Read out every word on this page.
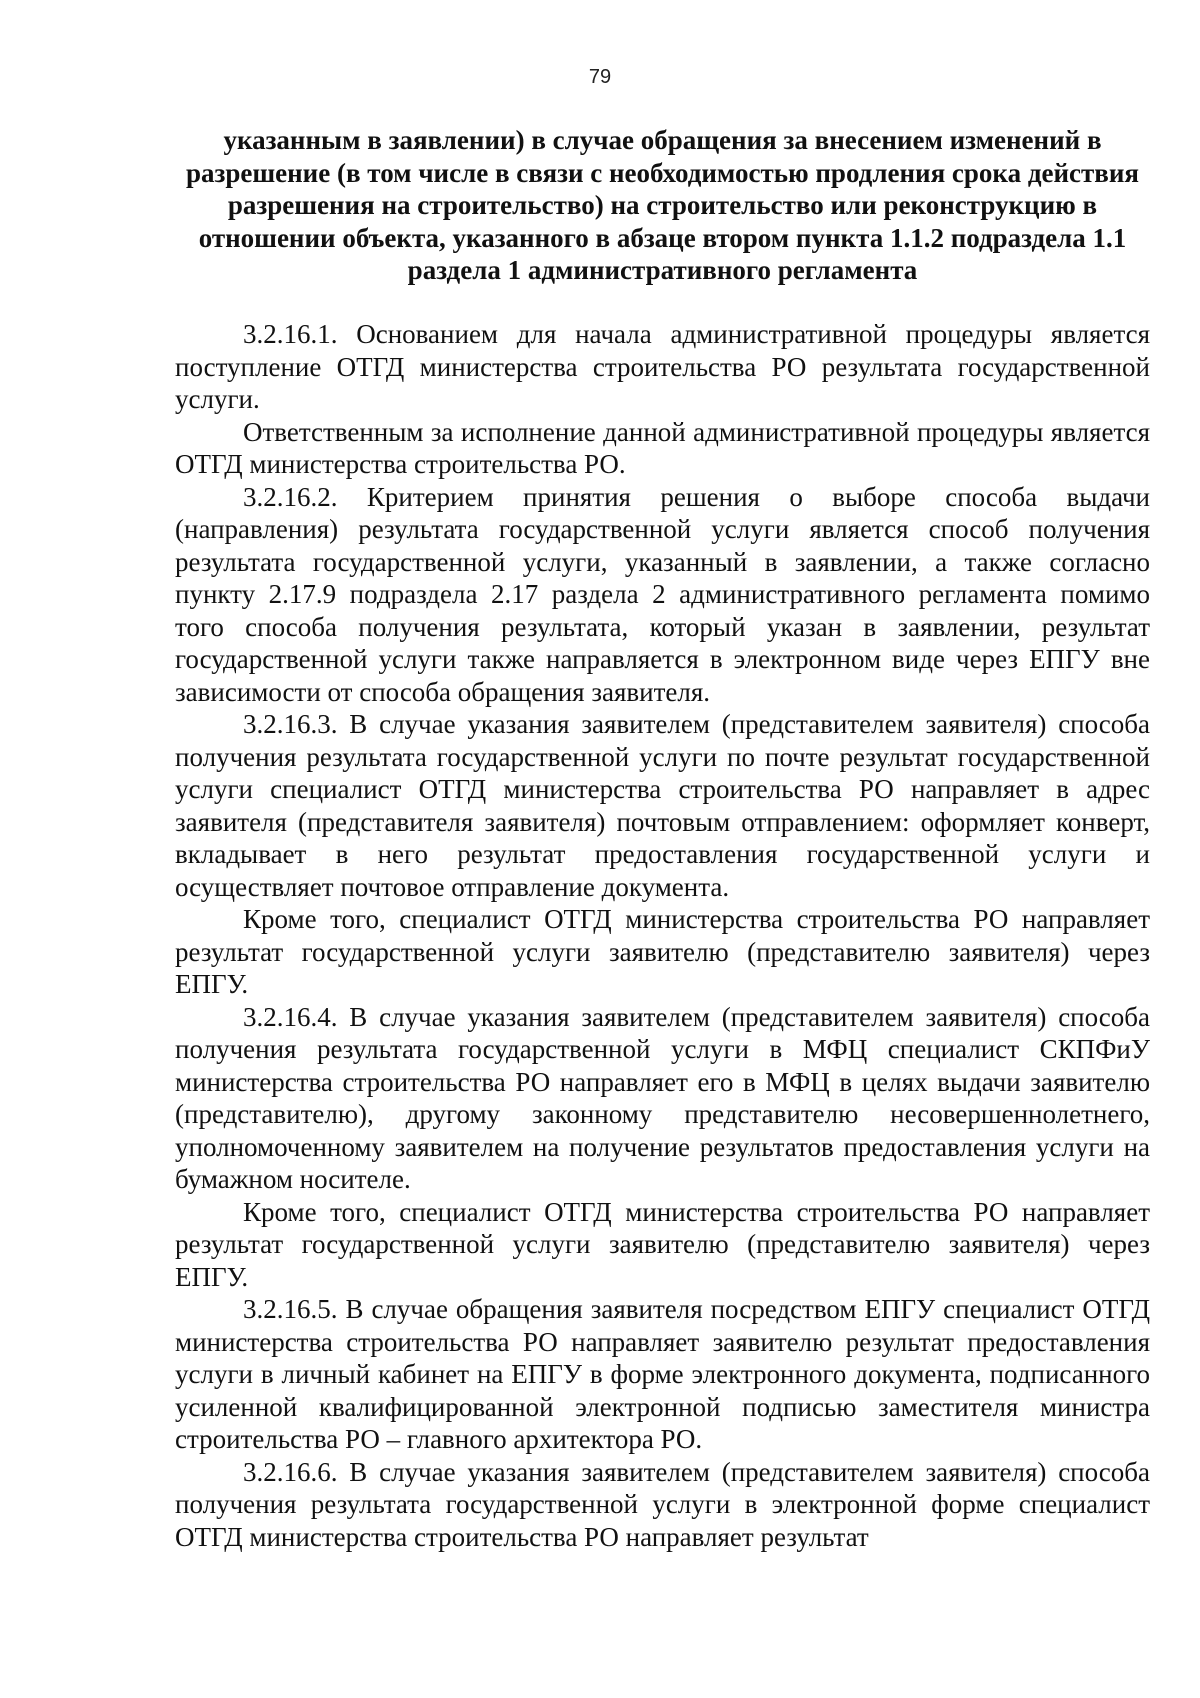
79
указанным в заявлении) в случае обращения за внесением изменений в разрешение (в том числе в связи с необходимостью продления срока действия разрешения на строительство) на строительство или реконструкцию в отношении объекта, указанного в абзаце втором пункта 1.1.2 подраздела 1.1 раздела 1 административного регламента

3.2.16.1. Основанием для начала административной процедуры является поступление ОТГД министерства строительства РО результата государственной услуги.

Ответственным за исполнение данной административной процедуры является ОТГД министерства строительства РО.

3.2.16.2. Критерием принятия решения о выборе способа выдачи (направления) результата государственной услуги является способ получения результата государственной услуги, указанный в заявлении, а также согласно пункту 2.17.9 подраздела 2.17 раздела 2 административного регламента помимо того способа получения результата, который указан в заявлении, результат государственной услуги также направляется в электронном виде через ЕПГУ вне зависимости от способа обращения заявителя.

3.2.16.3. В случае указания заявителем (представителем заявителя) способа получения результата государственной услуги по почте результат государственной услуги специалист ОТГД министерства строительства РО направляет в адрес заявителя (представителя заявителя) почтовым отправлением: оформляет конверт, вкладывает в него результат предоставления государственной услуги и осуществляет почтовое отправление документа.

Кроме того, специалист ОТГД министерства строительства РО направляет результат государственной услуги заявителю (представителю заявителя) через ЕПГУ.

3.2.16.4. В случае указания заявителем (представителем заявителя) способа получения результата государственной услуги в МФЦ специалист СКПФиУ министерства строительства РО направляет его в МФЦ в целях выдачи заявителю (представителю), другому законному представителю несовершеннолетнего, уполномоченному заявителем на получение результатов предоставления услуги на бумажном носителе.

Кроме того, специалист ОТГД министерства строительства РО направляет результат государственной услуги заявителю (представителю заявителя) через ЕПГУ.

3.2.16.5. В случае обращения заявителя посредством ЕПГУ специалист ОТГД министерства строительства РО направляет заявителю результат предоставления услуги в личный кабинет на ЕПГУ в форме электронного документа, подписанного усиленной квалифицированной электронной подписью заместителя министра строительства РО – главного архитектора РО.

3.2.16.6. В случае указания заявителем (представителем заявителя) способа получения результата государственной услуги в электронной форме специалист ОТГД министерства строительства РО направляет результат
